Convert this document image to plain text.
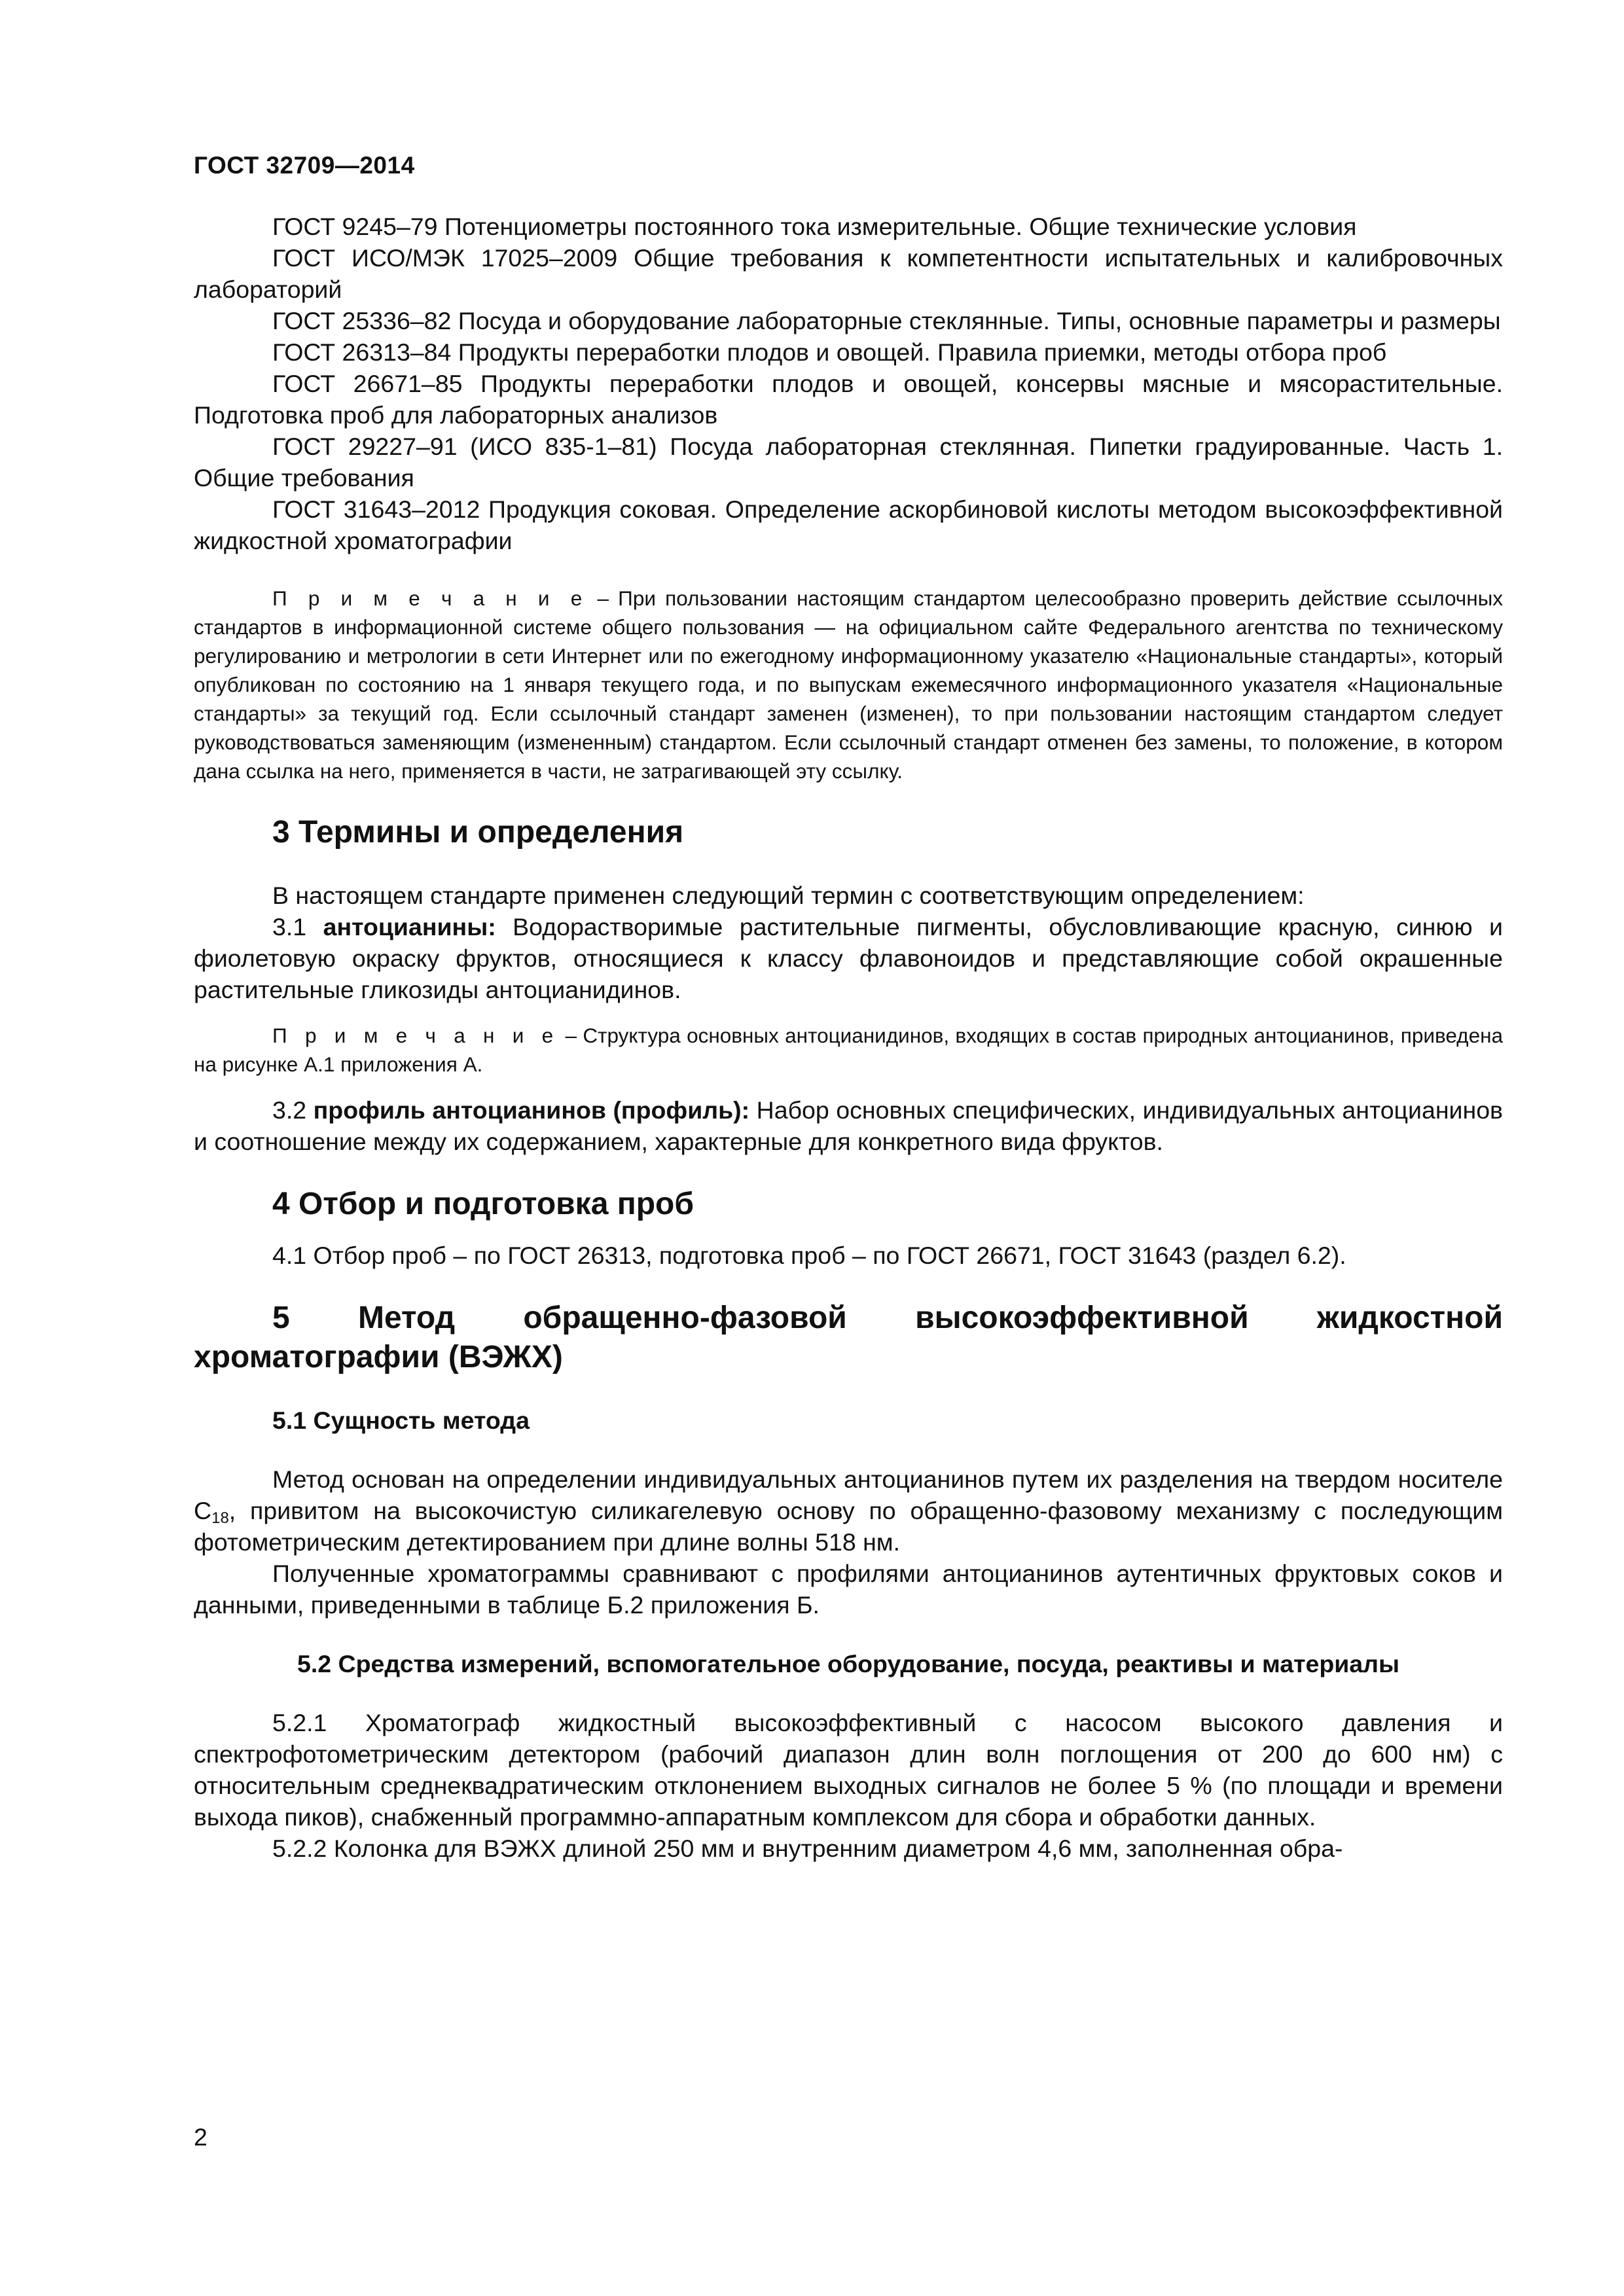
ГОСТ 32709—2014

ГОСТ 9245–79 Потенциометры постоянного тока измерительные. Общие технические условия

ГОСТ ИСО/МЭК 17025–2009 Общие требования к компетентности испытательных и калибровочных лабораторий

ГОСТ 25336–82 Посуда и оборудование лабораторные стеклянные. Типы, основные параметры и размеры

ГОСТ 26313–84 Продукты переработки плодов и овощей. Правила приемки, методы отбора проб

ГОСТ 26671–85 Продукты переработки плодов и овощей, консервы мясные и мясорастительные. Подготовка проб для лабораторных анализов

ГОСТ 29227–91 (ИСО 835-1–81) Посуда лабораторная стеклянная. Пипетки градуированные. Часть 1. Общие требования

ГОСТ 31643–2012 Продукция соковая. Определение аскорбиновой кислоты методом высокоэффективной жидкостной хроматографии

П р и м е ч а н и е – При пользовании настоящим стандартом целесообразно проверить действие ссылочных стандартов в информационной системе общего пользования — на официальном сайте Федерального агентства по техническому регулированию и метрологии в сети Интернет или по ежегодному информационному указателю «Национальные стандарты», который опубликован по состоянию на 1 января текущего года, и по выпускам ежемесячного информационного указателя «Национальные стандарты» за текущий год. Если ссылочный стандарт заменен (изменен), то при пользовании настоящим стандартом следует руководствоваться заменяющим (измененным) стандартом. Если ссылочный стандарт отменен без замены, то положение, в котором дана ссылка на него, применяется в части, не затрагивающей эту ссылку.

3 Термины и определения

В настоящем стандарте применен следующий термин с соответствующим определением:

3.1 антоцианины: Водорастворимые растительные пигменты, обусловливающие красную, синюю и фиолетовую окраску фруктов, относящиеся к классу флавоноидов и представляющие собой окрашенные растительные гликозиды антоцианидинов.

П р и м е ч а н и е – Структура основных антоцианидинов, входящих в состав природных антоцианинов, приведена на рисунке А.1 приложения А.

3.2 профиль антоцианинов (профиль): Набор основных специфических, индивидуальных антоцианинов и соотношение между их содержанием, характерные для конкретного вида фруктов.

4 Отбор и подготовка проб

4.1 Отбор проб – по ГОСТ 26313, подготовка проб – по ГОСТ 26671, ГОСТ 31643 (раздел 6.2).

5 Метод обращенно-фазовой высокоэффективной жидкостной
хроматографии (ВЭЖХ)
5.1 Сущность метода

Метод основан на определении индивидуальных антоцианинов путем их разделения на твердом носителе $С_{18}$, привитом на высокочистую силикагелевую основу по обращенно-фазовому механизму с последующим фотометрическим детектированием при длине волны 518 нм.

Полученные хроматограммы сравнивают с профилями антоцианинов аутентичных фруктовых соков и данными, приведенными в таблице Б.2 приложения Б.

5.2 Средства измерений, вспомогательное оборудование, посуда, реактивы и материалы

5.2.1 Хроматограф жидкостный высокоэффективный с насосом высокого давления и спектрофотометрическим детектором (рабочий диапазон длин волн поглощения от 200 до 600 нм) с относительным среднеквадратическим отклонением выходных сигналов не более 5 % (по площади и времени выхода пиков), снабженный программно-аппаратным комплексом для сбора и обработки данных.

5.2.2 Колонка для ВЭЖХ длиной 250 мм и внутренним диаметром 4,6 мм, заполненная обра-

2
